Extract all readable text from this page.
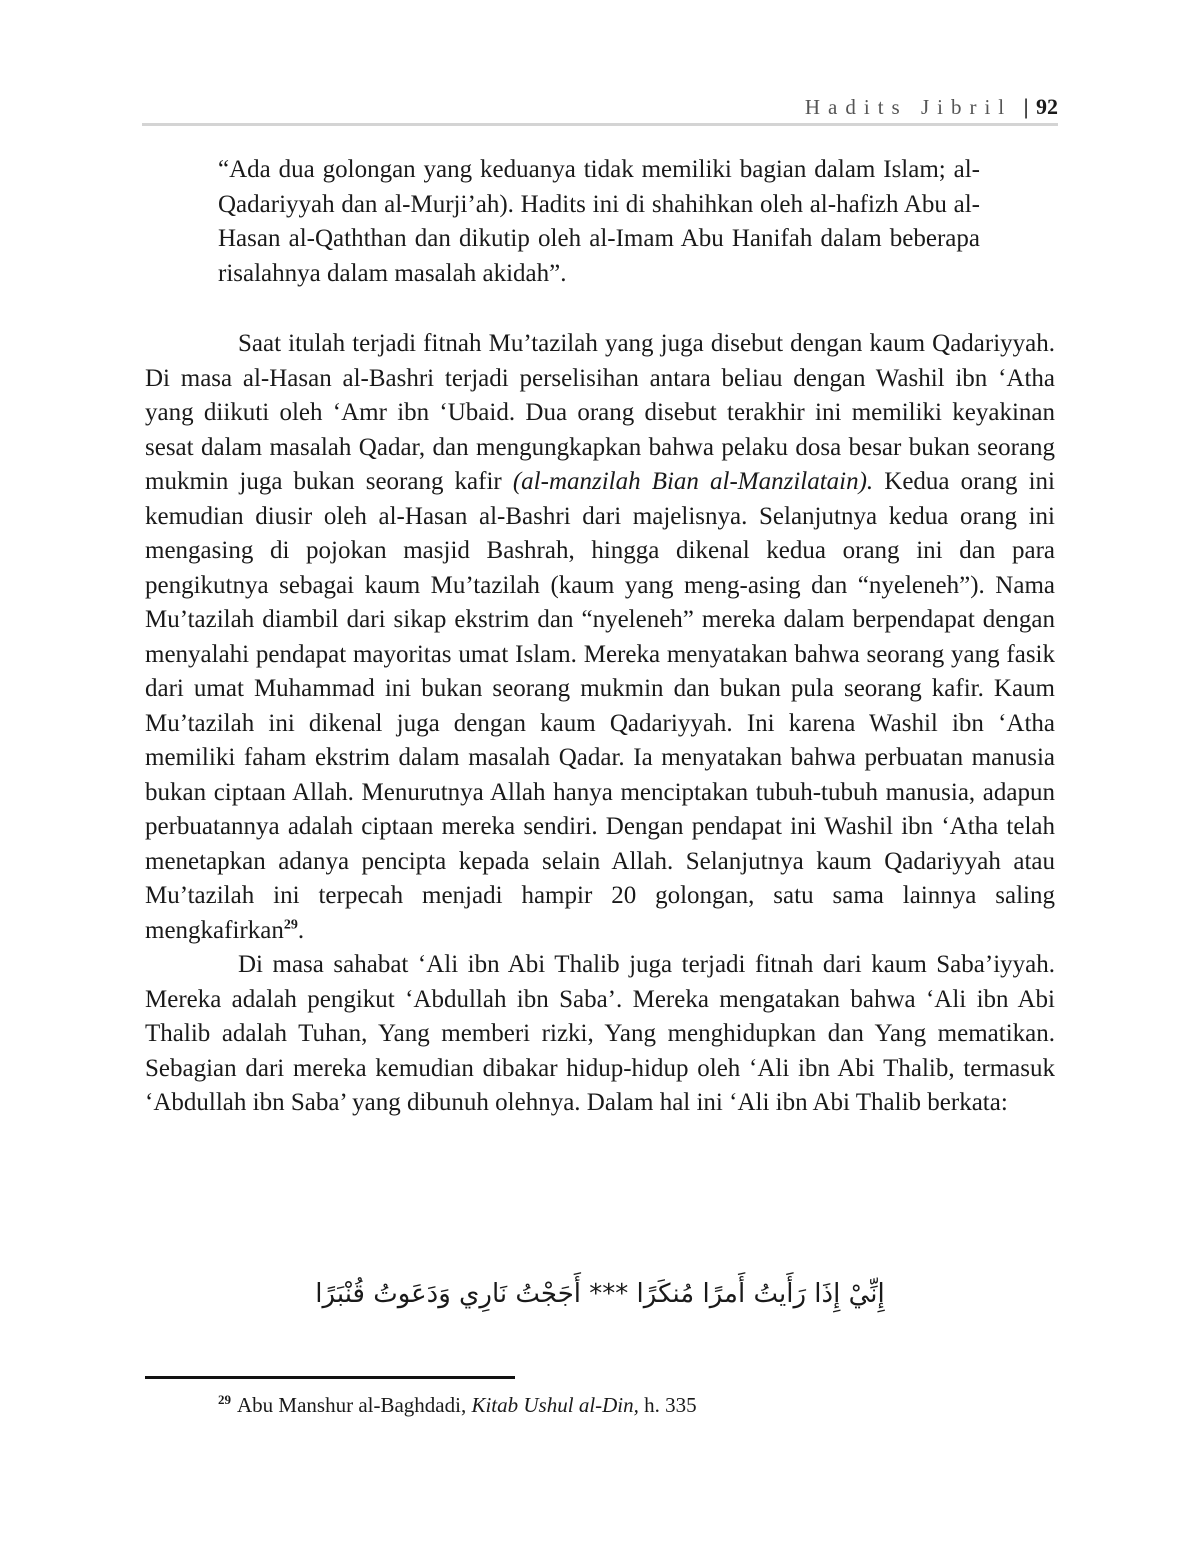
Hadits Jibril | 92
“Ada dua golongan yang keduanya tidak memiliki bagian dalam Islam; al-Qadariyyah dan al-Murji’ah). Hadits ini di shahihkan oleh al-hafizh Abu al-Hasan al-Qaththan dan dikutip oleh al-Imam Abu Hanifah dalam beberapa risalahnya dalam masalah akidah”.

Saat itulah terjadi fitnah Mu’tazilah yang juga disebut dengan kaum Qadariyyah. Di masa al-Hasan al-Bashri terjadi perselisihan antara beliau dengan Washil ibn ‘Atha yang diikuti oleh ‘Amr ibn ‘Ubaid. Dua orang disebut terakhir ini memiliki keyakinan sesat dalam masalah Qadar, dan mengungkapkan bahwa pelaku dosa besar bukan seorang mukmin juga bukan seorang kafir (al-manzilah Bian al-Manzilatain). Kedua orang ini kemudian diusir oleh al-Hasan al-Bashri dari majelisnya. Selanjutnya kedua orang ini mengasing di pojokan masjid Bashrah, hingga dikenal kedua orang ini dan para pengikutnya sebagai kaum Mu’tazilah (kaum yang meng-asing dan “nyeleneh”). Nama Mu’tazilah diambil dari sikap ekstrim dan “nyeleneh” mereka dalam berpendapat dengan menyalahi pendapat mayoritas umat Islam. Mereka menyatakan bahwa seorang yang fasik dari umat Muhammad ini bukan seorang mukmin dan bukan pula seorang kafir. Kaum Mu’tazilah ini dikenal juga dengan kaum Qadariyyah. Ini karena Washil ibn ‘Atha memiliki faham ekstrim dalam masalah Qadar. Ia menyatakan bahwa perbuatan manusia bukan ciptaan Allah. Menurutnya Allah hanya menciptakan tubuh-tubuh manusia, adapun perbuatannya adalah ciptaan mereka sendiri. Dengan pendapat ini Washil ibn ‘Atha telah menetapkan adanya pencipta kepada selain Allah. Selanjutnya kaum Qadariyyah atau Mu’tazilah ini terpecah menjadi hampir 20 golongan, satu sama lainnya saling mengkafirkan$^{29}$.

Di masa sahabat ‘Ali ibn Abi Thalib juga terjadi fitnah dari kaum Saba’iyyah. Mereka adalah pengikut ‘Abdullah ibn Saba’. Mereka mengatakan bahwa ‘Ali ibn Abi Thalib adalah Tuhan, Yang memberi rizki, Yang menghidupkan dan Yang mematikan. Sebagian dari mereka kemudian dibakar hidup-hidup oleh ‘Ali ibn Abi Thalib, termasuk ‘Abdullah ibn Saba’ yang dibunuh olehnya. Dalam hal ini ‘Ali ibn Abi Thalib berkata:

إِنِّيْ إِذَا رَأَيتُ أَمرًا مُنكَرًا *** أَجَجْتُ نَارِي وَدَعَوتُ قُنْبَرًا
$^{29}$ Abu Manshur al-Baghdadi, Kitab Ushul al-Din, h. 335
